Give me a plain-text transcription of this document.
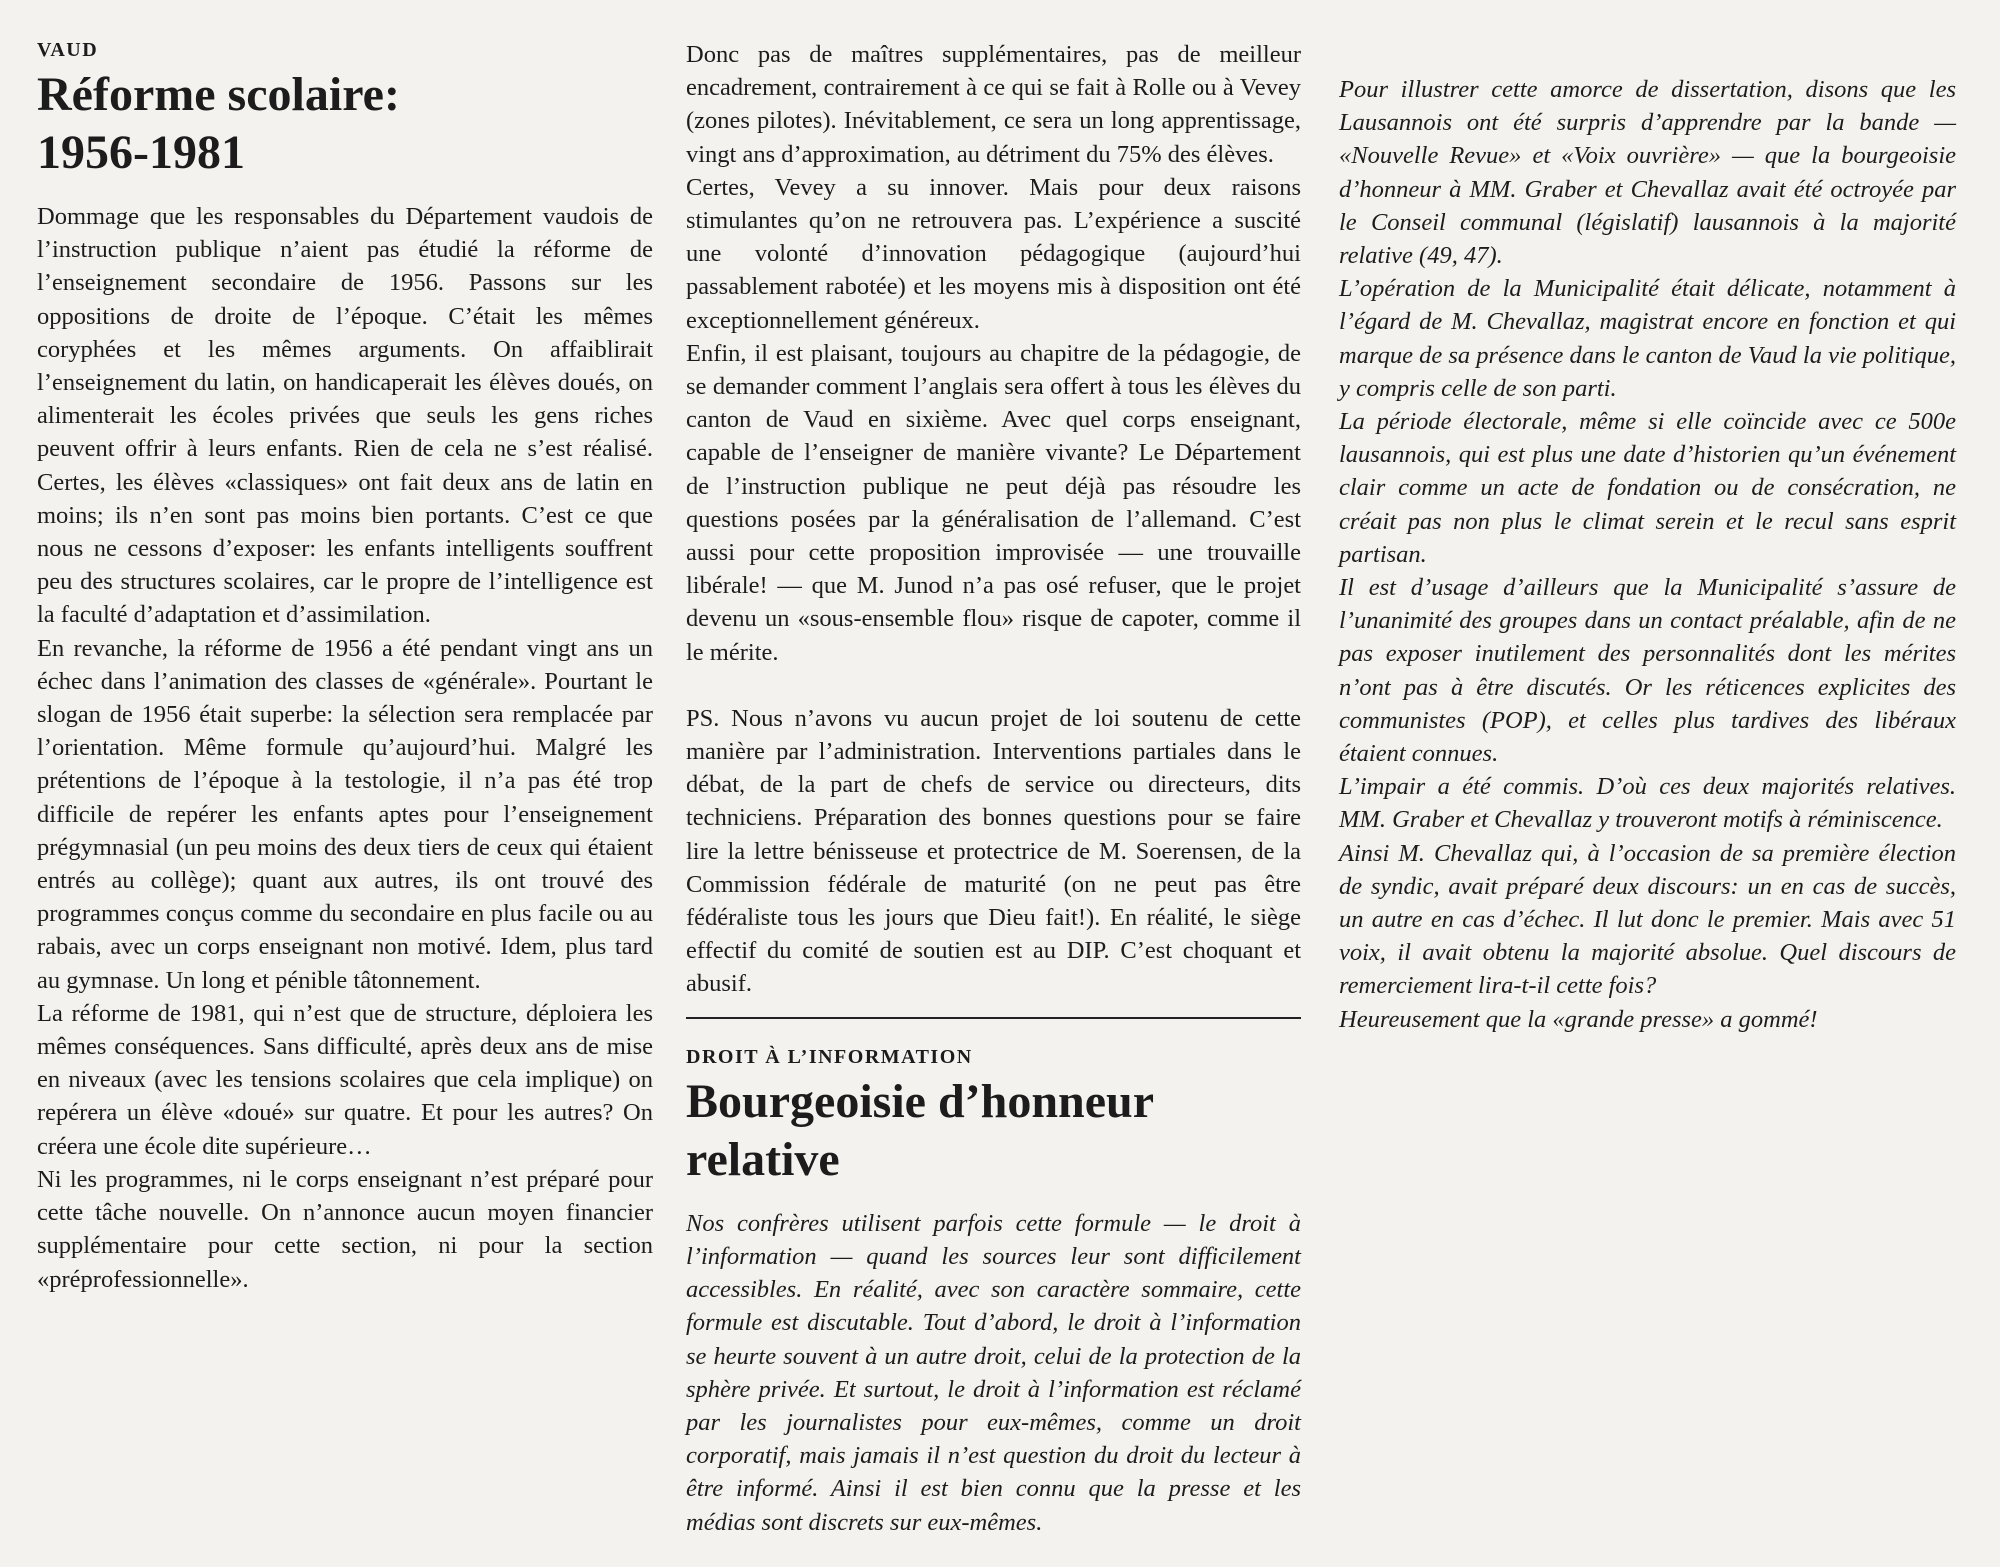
VAUD
Réforme scolaire:
1956-1981

Dommage que les responsables du Département vaudois de l’instruction publique n’aient pas étudié la réforme de l’enseignement secondaire de 1956. Passons sur les oppositions de droite de l’époque. C’était les mêmes coryphées et les mêmes arguments. On affaiblirait l’enseignement du latin, on handicaperait les élèves doués, on alimenterait les écoles privées que seuls les gens riches peuvent offrir à leurs enfants. Rien de cela ne s’est réalisé. Certes, les élèves «classiques» ont fait deux ans de latin en moins; ils n’en sont pas moins bien portants. C’est ce que nous ne cessons d’exposer: les enfants intelligents souffrent peu des structures scolaires, car le propre de l’intelligence est la faculté d’adaptation et d’assimilation.

En revanche, la réforme de 1956 a été pendant vingt ans un échec dans l’animation des classes de «générale». Pourtant le slogan de 1956 était superbe: la sélection sera remplacée par l’orientation. Même formule qu’aujourd’hui. Malgré les prétentions de l’époque à la testologie, il n’a pas été trop difficile de repérer les enfants aptes pour l’enseignement prégymnasial (un peu moins des deux tiers de ceux qui étaient entrés au collège); quant aux autres, ils ont trouvé des programmes conçus comme du secondaire en plus facile ou au rabais, avec un corps enseignant non motivé. Idem, plus tard au gymnase. Un long et pénible tâtonnement.

La réforme de 1981, qui n’est que de structure, déploiera les mêmes conséquences. Sans difficulté, après deux ans de mise en niveaux (avec les tensions scolaires que cela implique) on repérera un élève «doué» sur quatre. Et pour les autres? On créera une école dite supérieure…

Ni les programmes, ni le corps enseignant n’est préparé pour cette tâche nouvelle. On n’annonce aucun moyen financier supplémentaire pour cette section, ni pour la section «préprofessionnelle».

Donc pas de maîtres supplémentaires, pas de meilleur encadrement, contrairement à ce qui se fait à Rolle ou à Vevey (zones pilotes). Inévitablement, ce sera un long apprentissage, vingt ans d’approximation, au détriment du 75% des élèves.

Certes, Vevey a su innover. Mais pour deux raisons stimulantes qu’on ne retrouvera pas. L’expérience a suscité une volonté d’innovation pédagogique (aujourd’hui passablement rabotée) et les moyens mis à disposition ont été exceptionnellement généreux.

Enfin, il est plaisant, toujours au chapitre de la pédagogie, de se demander comment l’anglais sera offert à tous les élèves du canton de Vaud en sixième. Avec quel corps enseignant, capable de l’enseigner de manière vivante? Le Département de l’instruction publique ne peut déjà pas résoudre les questions posées par la généralisation de l’allemand. C’est aussi pour cette proposition improvisée — une trouvaille libérale! — que M. Junod n’a pas osé refuser, que le projet devenu un «sous-ensemble flou» risque de capoter, comme il le mérite.

PS. Nous n’avons vu aucun projet de loi soutenu de cette manière par l’administration. Interventions partiales dans le débat, de la part de chefs de service ou directeurs, dits techniciens. Préparation des bonnes questions pour se faire lire la lettre bénisseuse et protectrice de M. Soerensen, de la Commission fédérale de maturité (on ne peut pas être fédéraliste tous les jours que Dieu fait!). En réalité, le siège effectif du comité de soutien est au DIP. C’est choquant et abusif.

DROIT À L’INFORMATION
Bourgeoisie d’honneur
relative

Nos confrères utilisent parfois cette formule — le droit à l’information — quand les sources leur sont difficilement accessibles. En réalité, avec son caractère sommaire, cette formule est discutable. Tout d’abord, le droit à l’information se heurte souvent à un autre droit, celui de la protection de la sphère privée. Et surtout, le droit à l’information est réclamé par les journalistes pour eux-mêmes, comme un droit corporatif, mais jamais il n’est question du droit du lecteur à être informé. Ainsi il est bien connu que la presse et les médias sont discrets sur eux-mêmes.

Pour illustrer cette amorce de dissertation, disons que les Lausannois ont été surpris d’apprendre par la bande — «Nouvelle Revue» et «Voix ouvrière» — que la bourgeoisie d’honneur à MM. Graber et Chevallaz avait été octroyée par le Conseil communal (législatif) lausannois à la majorité relative (49, 47).

L’opération de la Municipalité était délicate, notamment à l’égard de M. Chevallaz, magistrat encore en fonction et qui marque de sa présence dans le canton de Vaud la vie politique, y compris celle de son parti.

La période électorale, même si elle coïncide avec ce 500e lausannois, qui est plus une date d’historien qu’un événement clair comme un acte de fondation ou de consécration, ne créait pas non plus le climat serein et le recul sans esprit partisan.

Il est d’usage d’ailleurs que la Municipalité s’assure de l’unanimité des groupes dans un contact préalable, afin de ne pas exposer inutilement des personnalités dont les mérites n’ont pas à être discutés. Or les réticences explicites des communistes (POP), et celles plus tardives des libéraux étaient connues.

L’impair a été commis. D’où ces deux majorités relatives. MM. Graber et Chevallaz y trouveront motifs à réminiscence.

Ainsi M. Chevallaz qui, à l’occasion de sa première élection de syndic, avait préparé deux discours: un en cas de succès, un autre en cas d’échec. Il lut donc le premier. Mais avec 51 voix, il avait obtenu la majorité absolue. Quel discours de remerciement lira-t-il cette fois?

Heureusement que la «grande presse» a gommé!
